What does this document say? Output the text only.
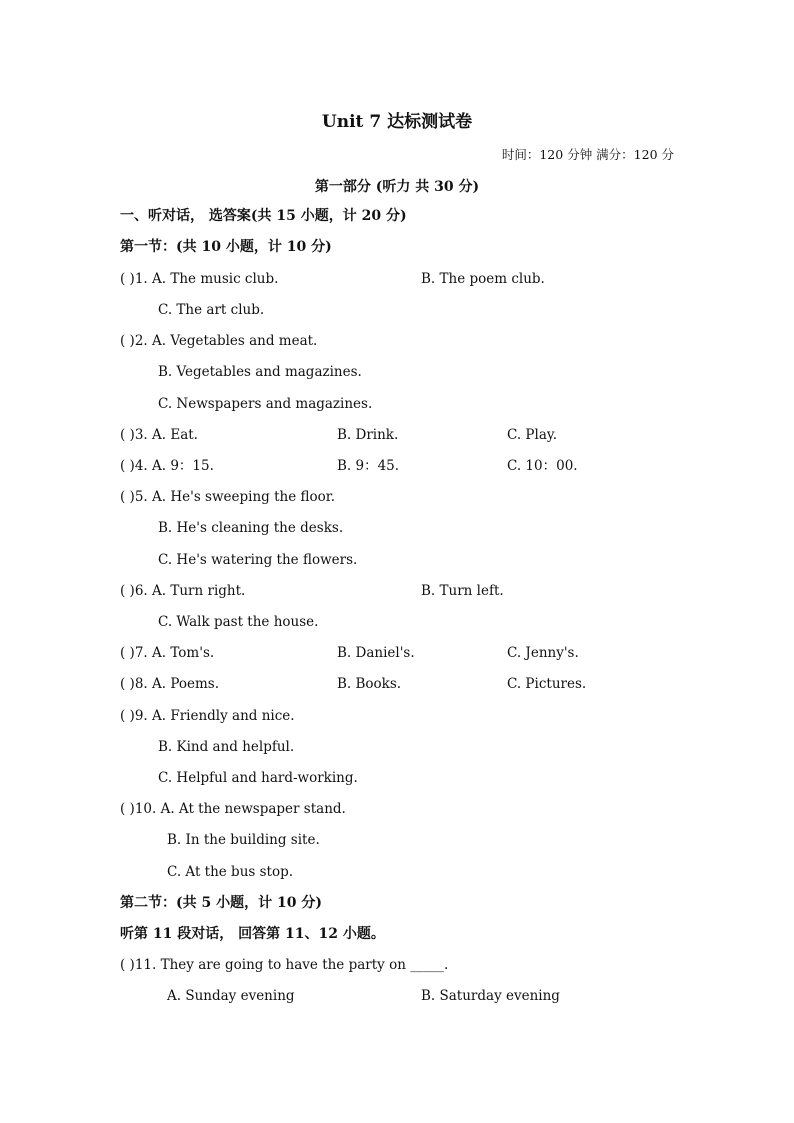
Unit 7 达标测试卷
时间：120 分钟 满分：120 分
第一部分 (听力 共 30 分)
一、听对话， 选答案(共 15 小题，计 20 分)
第一节：(共 10 小题，计 10 分)
( )1. A. The music club.	B. The poem club.
C. The art club.
( )2. A. Vegetables and meat.
B. Vegetables and magazines.
C. Newspapers and magazines.
( )3. A. Eat.	B. Drink.	C. Play.
( )4. A. 9：15.	B. 9：45.	C. 10：00.
( )5. A. He's sweeping the floor.
B. He's cleaning the desks.
C. He's watering the flowers.
( )6. A. Turn right.	B. Turn left.
C. Walk past the house.
( )7. A. Tom's.	B. Daniel's.	C. Jenny's.
( )8. A. Poems.	B. Books.	C. Pictures.
( )9. A. Friendly and nice.
B. Kind and helpful.
C. Helpful and hard-working.
( )10. A. At the newspaper stand.
B. In the building site.
C. At the bus stop.
第二节：(共 5 小题，计 10 分)
听第 11 段对话， 回答第 11、12 小题。
( )11. They are going to have the party on _____.
A. Sunday evening	B. Saturday evening
